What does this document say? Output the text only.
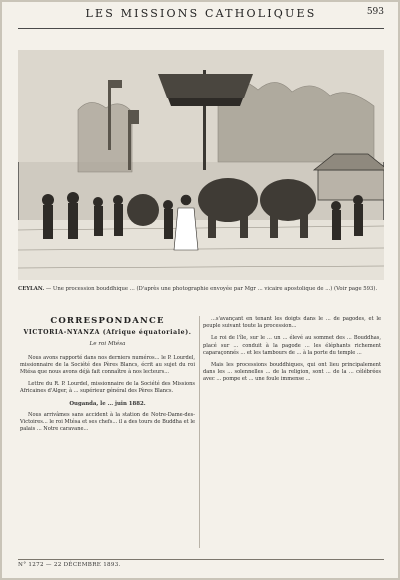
LES MISSIONS CATHOLIQUES	593
CEYLAN. — Une procession bouddhique ... (D'après une photographie envoyée par Mgr ... vicaire apostolique de ...) (Voir page 593).
CORRESPONDANCE
VICTORIA-NYANZA (Afrique équatoriale).
Le roi Mtésa

Nous avons rapporté dans nos derniers numéros... le P. Lourdel, missionnaire de la Société des Pères Blancs, écrit au sujet du roi Mtésa que nous avons déjà fait connaître à nos lecteurs...

Lettre du R. P. Lourdel, missionnaire de la Société des Missions Africaines d'Alger, à ... supérieur général des Pères Blancs.

Ouganda, le ... juin 1882.

Nous arrivâmes sans accident à la station de Notre-Dame-des-Victoires... le roi Mtésa et ses chefs... il a des tours de Buddha et le palais ... Notre caravane...

...s'avançant en tenant les doigts dans le ... de pagodes, et le peuple suivant toute la procession...

Le roi de l'île, sur le ... un ... élevé au sommet des ... Bouddhas, placé sur ... conduit à la pagode ... les éléphants richement caparaçonnés ... et les tambours de ... à la porte du temple ...

Mais les processions bouddhiques, qui ont lieu principalement dans les ... solennelles ... de la religion, sont ... de la ... célébrées avec ... pompe et ... une foule immense ...

N° 1272 — 22 DÉCEMBRE 1893.
